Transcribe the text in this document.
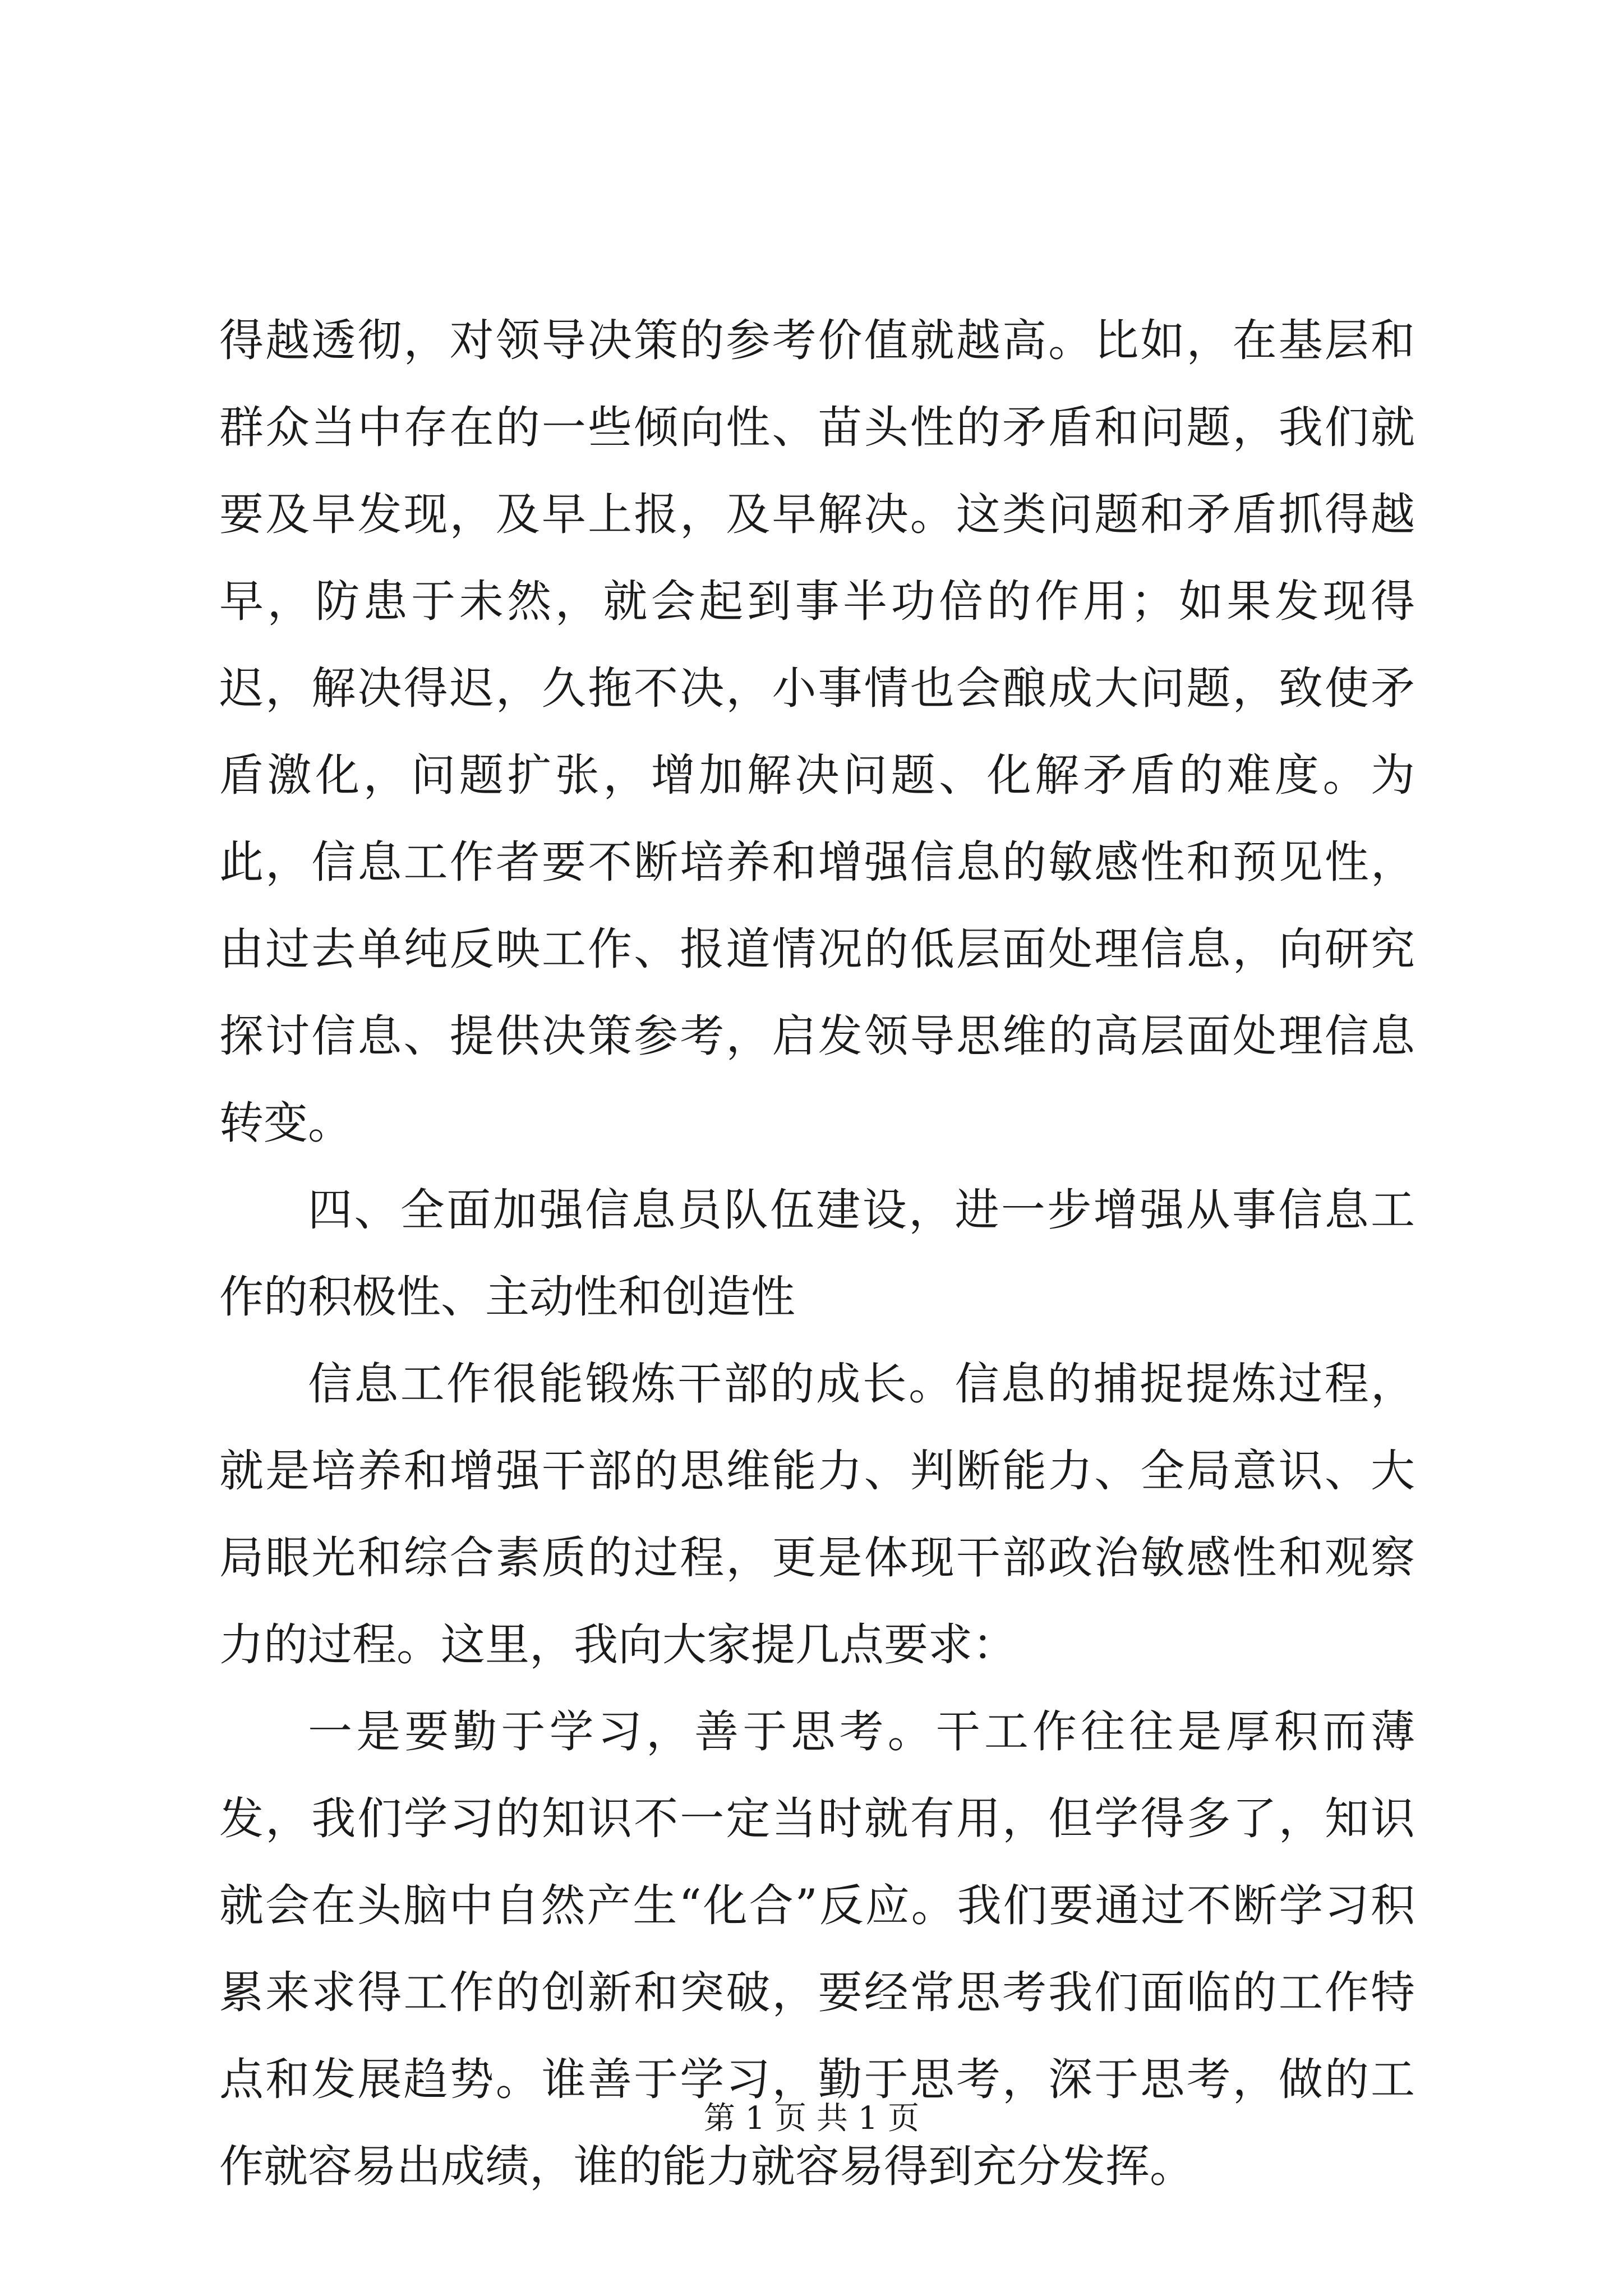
得越透彻，对领导决策的参考价值就越高。比如，在基层和群众当中存在的一些倾向性、苗头性的矛盾和问题，我们就要及早发现，及早上报，及早解决。这类问题和矛盾抓得越早，防患于未然，就会起到事半功倍的作用；如果发现得迟，解决得迟，久拖不决，小事情也会酿成大问题，致使矛盾激化，问题扩张，增加解决问题、化解矛盾的难度。为此，信息工作者要不断培养和增强信息的敏感性和预见性，由过去单纯反映工作、报道情况的低层面处理信息，向研究探讨信息、提供决策参考，启发领导思维的高层面处理信息转变。

四、全面加强信息员队伍建设，进一步增强从事信息工作的积极性、主动性和创造性

信息工作很能锻炼干部的成长。信息的捕捉提炼过程，就是培养和增强干部的思维能力、判断能力、全局意识、大局眼光和综合素质的过程，更是体现干部政治敏感性和观察力的过程。这里，我向大家提几点要求：

一是要勤于学习，善于思考。干工作往往是厚积而薄发，我们学习的知识不一定当时就有用，但学得多了，知识就会在头脑中自然产生“化合”反应。我们要通过不断学习积累来求得工作的创新和突破，要经常思考我们面临的工作特点和发展趋势。谁善于学习，勤于思考，深于思考，做的工作就容易出成绩，谁的能力就容易得到充分发挥。

第 1 页 共 1 页
